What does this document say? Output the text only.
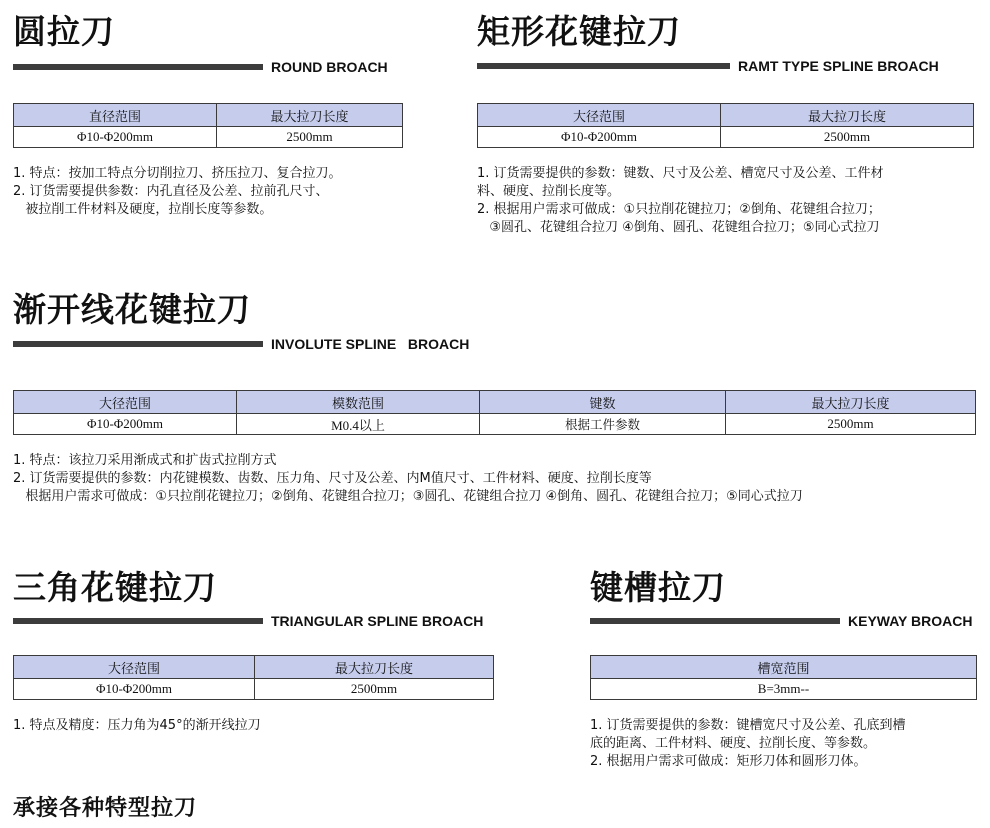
圆拉刀
ROUND BROACH
直径范围	最大拉刀长度
Φ10-Φ200mm	2500mm

1. 特点：按加工特点分切削拉刀、挤压拉刀、复合拉刀。

2. 订货需要提供参数：内孔直径及公差、拉前孔尺寸、

被拉削工件材料及硬度，拉削长度等参数。

矩形花键拉刀
RAMT TYPE SPLINE BROACH
大径范围	最大拉刀长度
Φ10-Φ200mm	2500mm

1. 订货需要提供的参数：键数、尺寸及公差、槽宽尺寸及公差、工件材

料、硬度、拉削长度等。

2. 根据用户需求可做成：①只拉削花键拉刀；②倒角、花键组合拉刀；

③圆孔、花键组合拉刀 ④倒角、圆孔、花键组合拉刀；⑤同心式拉刀

渐开线花键拉刀
INVOLUTE SPLINE   BROACH
大径范围	模数范围	键数	最大拉刀长度
Φ10-Φ200mm	M0.4以上	根据工件参数	2500mm

1. 特点：该拉刀采用渐成式和扩齿式拉削方式

2. 订货需要提供的参数：内花键模数、齿数、压力角、尺寸及公差、内M值尺寸、工件材料、硬度、拉削长度等

根据用户需求可做成：①只拉削花键拉刀；②倒角、花键组合拉刀；③圆孔、花键组合拉刀 ④倒角、圆孔、花键组合拉刀；⑤同心式拉刀

三角花键拉刀
TRIANGULAR SPLINE BROACH
大径范围	最大拉刀长度
Φ10-Φ200mm	2500mm

1. 特点及精度：压力角为45°的渐开线拉刀

键槽拉刀
KEYWAY BROACH
槽宽范围
B=3mm--

1. 订货需要提供的参数：键槽宽尺寸及公差、孔底到槽

底的距离、工件材料、硬度、拉削长度、等参数。

2. 根据用户需求可做成：矩形刀体和圆形刀体。

承接各种特型拉刀
